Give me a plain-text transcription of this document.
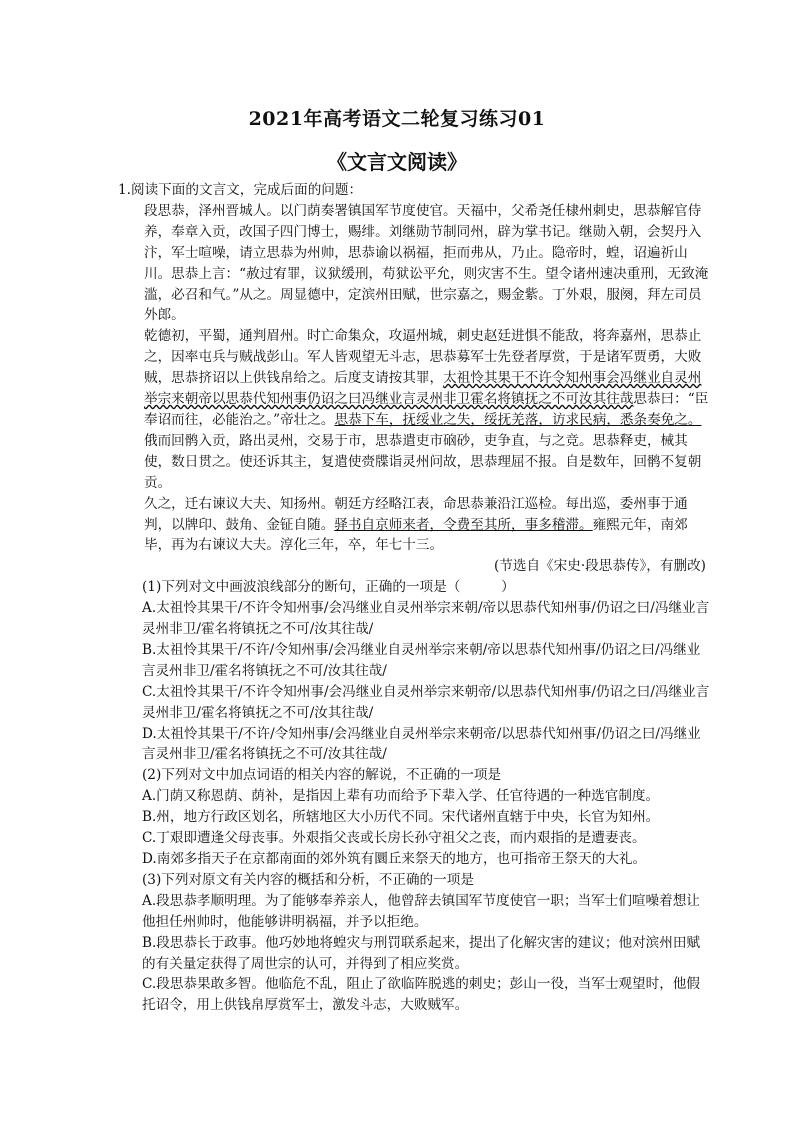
2021年高考语文二轮复习练习01
《文言文阅读》
1.阅读下面的文言文，完成后面的问题：

段思恭，泽州晋城人。以门荫奏署镇国军节度使官。天福中，父希尧任棣州刺史，思恭解官侍养，奉章入贡，改国子四门博士，赐绯。刘继勋节制同州，辟为掌书记。继勋入朝，会契丹入汴，军士喧噪，请立思恭为州帅，思恭谕以祸福，拒而弗从，乃止。隐帝时，蝗，诏遍祈山川。思恭上言：“赦过宥罪，议狱缓刑，苟狱讼平允，则灾害不生。望令诸州速决重刑，无致淹滥，必召和气。”从之。周显德中，定滨州田赋，世宗嘉之，赐金紫。丁外艰，服阕，拜左司员外郎。

乾德初，平蜀，通判眉州。时亡命集众，攻逼州城，刺史赵廷进惧不能敌，将奔嘉州，思恭止之，因率屯兵与贼战彭山。军人皆观望无斗志，思恭募军士先登者厚赏，于是诸军贾勇，大败贼，思恭挤诏以上供钱帛给之。后度支请按其罪，太祖怜其果干不许令知州事会冯继业自灵州举宗来朝帝以思恭代知州事仍诏之曰冯继业言灵州非卫霍名将镇抚之不可汝其往哉思恭曰：“臣奉诏而往，必能治之。”帝壮之。思恭下车，抚绥业之失，绥抚羌落，访求民病，悉条奏免之。俄而回鹘入贡，路出灵州，交易于市，思恭遣吏市硇砂，吏争直，与之竞。思恭释吏，械其使，数日贯之。使还诉其主，复遣使赍牒诣灵州问故，思恭理屈不报。自是数年，回鹘不复朝贡。

久之，迁右谏议大夫、知扬州。朝廷方经略江表，命思恭兼沿江巡检。每出巡，委州事于通判，以牌印、鼓角、金钲自随。驿书自京师来者，令费至其所，事多稽滞。雍熙元年，南郊毕，再为右谏议大夫。淳化三年，卒，年七十三。

(节选自《宋史·段思恭传》，有删改)
(1)下列对文中画波浪线部分的断句，正确的一项是（　　　）
A.太祖怜其果干/不许令知州事/会冯继业自灵州举宗来朝/帝以思恭代知州事/仍诏之曰/冯继业言灵州非卫/霍名将镇抚之不可/汝其往哉/
B.太祖怜其果干/不许/令知州事/会冯继业自灵州举宗来朝/帝以思恭代知州事/仍诏之曰/冯继业言灵州非卫/霍名将镇抚之不可/汝其往哉/
C.太祖怜其果干/不许令知州事/会冯继业自灵州举宗来朝帝/以思恭代知州事/仍诏之曰/冯继业言灵州非卫/霍名将镇抚之不可/汝其往哉/
D.太祖怜其果干/不许/令知州事/会冯继业自灵州举宗来朝帝/以思恭代知州事/仍诏之曰/冯继业言灵州非卫/霍名将镇抚之不可/汝其往哉/
(2)下列对文中加点词语的相关内容的解说，不正确的一项是
A.门荫又称恩荫、荫补，是指因上辈有功而给予下辈入学、任官待遇的一种选官制度。
B.州，地方行政区划名，所辖地区大小历代不同。宋代诸州直辖于中央，长官为知州。
C.丁艰即遭逢父母丧事。外艰指父丧或长房长孙守祖父之丧，而内艰指的是遭妻丧。
D.南郊多指天子在京都南面的郊外筑有圜丘来祭天的地方，也可指帝王祭天的大礼。
(3)下列对原文有关内容的概括和分析，不正确的一项是
A.段思恭孝顺明理。为了能够奉养亲人，他曾辞去镇国军节度使官一职；当军士们喧噪着想让他担任州帅时，他能够讲明祸福，并予以拒绝。
B.段思恭长于政事。他巧妙地将蝗灾与刑罚联系起来，提出了化解灾害的建议；他对滨州田赋的有关量定获得了周世宗的认可，并得到了相应奖赏。
C.段思恭果敢多智。他临危不乱，阻止了欲临阵脱逃的刺史；彭山一役，当军士观望时，他假托诏令，用上供钱帛厚赏军士，激发斗志，大败贼军。
